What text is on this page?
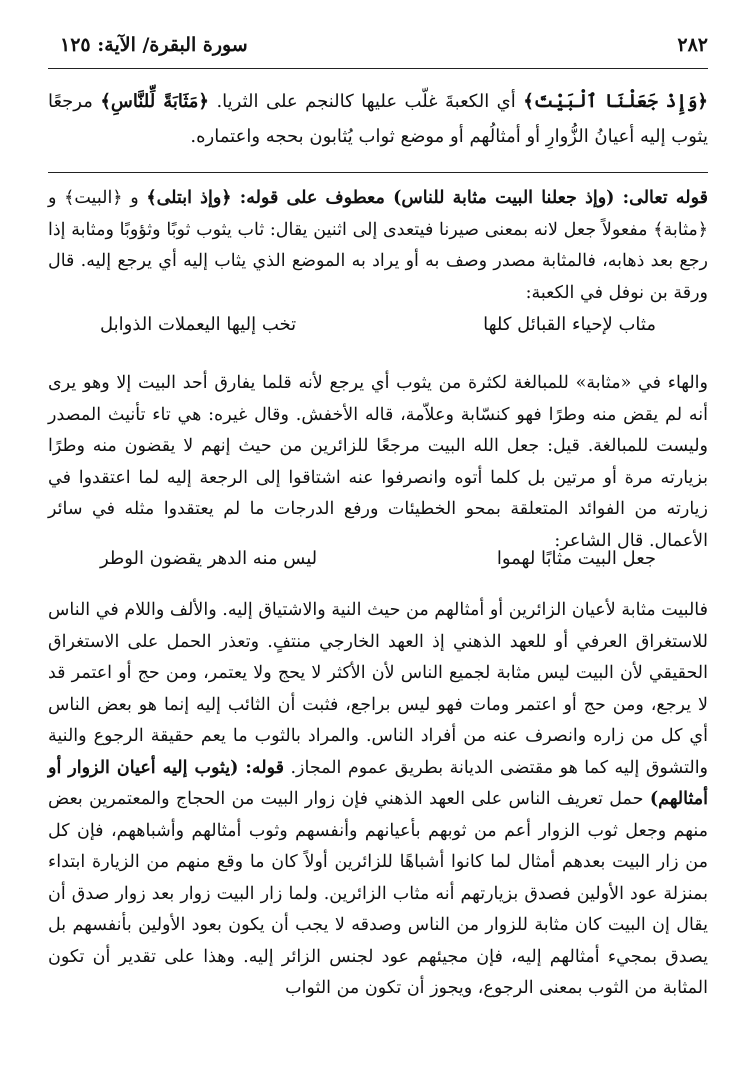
٢٨٢
سورة البقرة/ الآية: ١٢٥

﴿وَإِذْ جَعَلْنَا ٱلْبَيْتَ﴾ أي الكعبةَ غلّب عليها كالنجم على الثريا. ﴿مَثَابَةً لِّلنَّاسِ﴾ مرجعًا يثوب إليه أعيانُ الزُّوارِ أو أمثالُهم أو موضع ثواب يُثابون بحجه واعتماره.

قوله تعالى: (وإذ جعلنا البيت مثابة للناس) معطوف على قوله: ﴿وإذ ابتلى﴾ و ﴿البيت﴾ و ﴿مثابة﴾ مفعولاً جعل لانه بمعنى صيرنا فيتعدى إلى اثنين يقال: ثاب يثوب ثوبًا وثؤوبًا ومثابة إذا رجع بعد ذهابه، فالمثابة مصدر وصف به أو يراد به الموضع الذي يثاب إليه أي يرجع إليه. قال ورقة بن نوفل في الكعبة:

مثاب لإحياء القبائل كلها
تخب إليها اليعملات الذوابل

والهاء في «مثابة» للمبالغة لكثرة من يثوب أي يرجع لأنه قلما يفارق أحد البيت إلا وهو يرى أنه لم يقض منه وطرًا فهو كنسّابة وعلاّمة، قاله الأخفش. وقال غيره: هي تاء تأنيث المصدر وليست للمبالغة. قيل: جعل الله البيت مرجعًا للزائرين من حيث إنهم لا يقضون منه وطرًا بزيارته مرة أو مرتين بل كلما أتوه وانصرفوا عنه اشتاقوا إلى الرجعة إليه لما اعتقدوا في زيارته من الفوائد المتعلقة بمحو الخطيئات ورفع الدرجات ما لم يعتقدوا مثله في سائر الأعمال. قال الشاعر:

جعل البيت مثابًا لهموا
ليس منه الدهر يقضون الوطر

فالبيت مثابة لأعيان الزائرين أو أمثالهم من حيث النية والاشتياق إليه. والألف واللام في الناس للاستغراق العرفي أو للعهد الذهني إذ العهد الخارجي منتفٍ. وتعذر الحمل على الاستغراق الحقيقي لأن البيت ليس مثابة لجميع الناس لأن الأكثر لا يحج ولا يعتمر، ومن حج أو اعتمر قد لا يرجع، ومن حج أو اعتمر ومات فهو ليس براجع، فثبت أن الثائب إليه إنما هو بعض الناس أي كل من زاره وانصرف عنه من أفراد الناس. والمراد بالثوب ما يعم حقيقة الرجوع والنية والتشوق إليه كما هو مقتضى الديانة بطريق عموم المجاز. قوله: (يثوب إليه أعيان الزوار أو أمثالهم) حمل تعريف الناس على العهد الذهني فإن زوار البيت من الحجاج والمعتمرين بعض منهم وجعل ثوب الزوار أعم من ثوبهم بأعيانهم وأنفسهم وثوب أمثالهم وأشباههم، فإن كل من زار البيت بعدهم أمثال لما كانوا أشباهًا للزائرين أولاً كان ما وقع منهم من الزيارة ابتداء بمنزلة عود الأولين فصدق بزيارتهم أنه مثاب الزائرين. ولما زار البيت زوار بعد زوار صدق أن يقال إن البيت كان مثابة للزوار من الناس وصدقه لا يجب أن يكون بعود الأولين بأنفسهم بل يصدق بمجيء أمثالهم إليه، فإن مجيئهم عود لجنس الزائر إليه. وهذا على تقدير أن تكون المثابة من الثوب بمعنى الرجوع، ويجوز أن تكون من الثواب
